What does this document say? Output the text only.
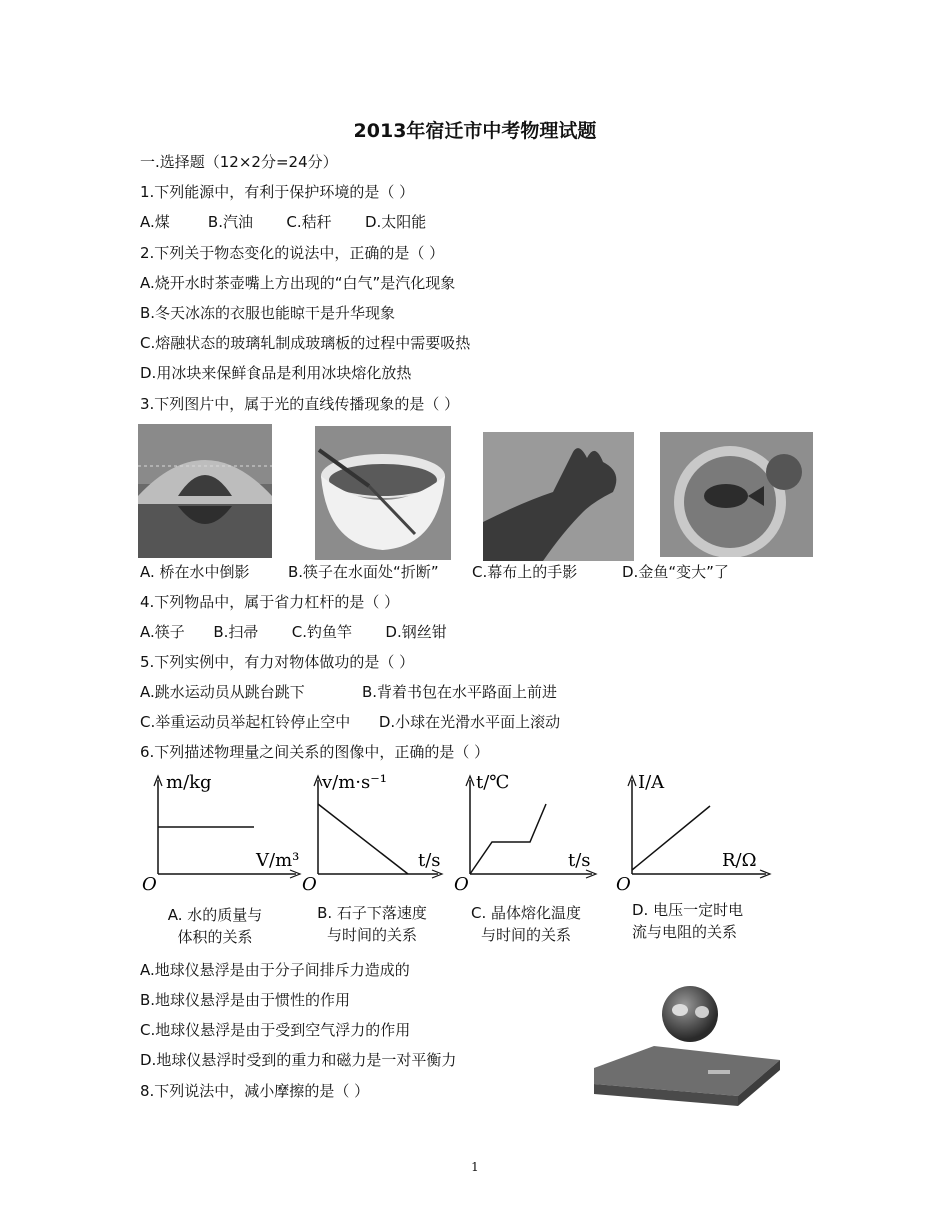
2013年宿迁市中考物理试题
一.选择题（12×2分=24分）
1.下列能源中，有利于保护环境的是（ ）
A.煤        B.汽油       C.秸秆       D.太阳能
2.下列关于物态变化的说法中，正确的是（ ）
A.烧开水时茶壶嘴上方出现的“白气”是汽化现象
B.冬天冰冻的衣服也能晾干是升华现象
C.熔融状态的玻璃轧制成玻璃板的过程中需要吸热
D.用冰块来保鲜食品是利用冰块熔化放热
3.下列图片中，属于光的直线传播现象的是（ ）
A. 桥在水中倒影	B.筷子在水面处“折断” C.幕布上的手影	D.金鱼“变大”了
4.下列物品中，属于省力杠杆的是（ ）
A.筷子      B.扫帚       C.钓鱼竿       D.钢丝钳
5.下列实例中，有力对物体做功的是（ ）
A.跳水运动员从跳台跳下            B.背着书包在水平路面上前进
C.举重运动员举起杠铃停止空中      D.小球在光滑水平面上滚动
6.下列描述物理量之间关系的图像中，正确的是（ ）
m/kg
V/m³
O
v/m·s⁻¹
t/s
O
t/℃
t/s
O
I/A
R/Ω
O
A. 水的质量与
体积的关系
B. 石子下落速度
与时间的关系
C. 晶体熔化温度
与时间的关系
D. 电压一定时电
流与电阻的关系
A.地球仪悬浮是由于分子间排斥力造成的
B.地球仪悬浮是由于惯性的作用
C.地球仪悬浮是由于受到空气浮力的作用
D.地球仪悬浮时受到的重力和磁力是一对平衡力
8.下列说法中，减小摩擦的是（ ）
1
